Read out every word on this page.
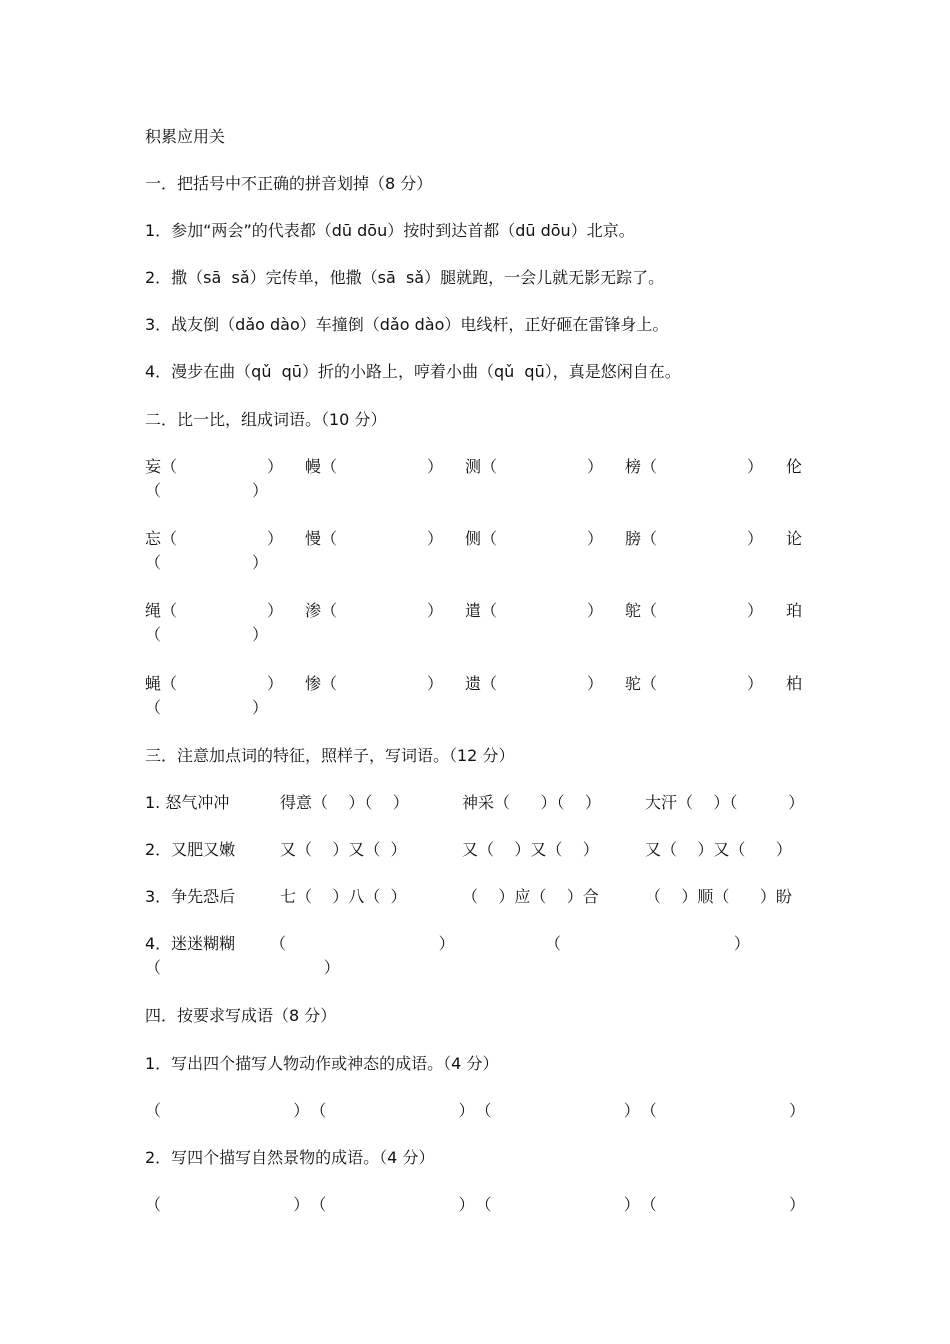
积累应用关
一．把括号中不正确的拼音划掉（8 分）
1．参加“两会”的代表都（dū dōu）按时到达首都（dū dōu）北京。
2．撒（sā  sǎ）完传单，他撒（sā  sǎ）腿就跑，一会儿就无影无踪了。
3．战友倒（dǎo dào）车撞倒（dǎo dào）电线杆，正好砸在雷锋身上。
4．漫步在曲（qǔ  qū）折的小路上，哼着小曲（qǔ  qū），真是悠闲自在。
二．比一比，组成词语。（10 分）
妄（	） 幔（	） 测（	） 榜（	） 伦
（	）
忘（	） 慢（	） 侧（	） 膀（	） 论
（	）
绳（	） 渗（	） 遣（	） 鸵（	） 珀
（	）
蝇（	） 惨（	） 遗（	） 驼（	） 柏
（	）
三．注意加点词的特征，照样子，写词语。（12 分）
1. 怒气冲冲	得意（    ）（    ）	神采（      ）（    ）	大汗（    ）（          ）
2．又肥又嫩	又（    ）又（  ）	又（    ）又（    ）	又（    ）又（      ）
3．争先恐后	七（    ）八（  ）	（    ）应（    ）合	（    ）顺（      ）盼
4．迷迷糊糊 （                              ）	（                                  ）
（                                ）
四．按要求写成语（8 分）
1．写出四个描写人物动作或神态的成语。（4 分）
（                          ） （                          ） （                          ） （                          ）
2．写四个描写自然景物的成语。（4 分）
（                          ） （                          ） （                          ） （                          ）
